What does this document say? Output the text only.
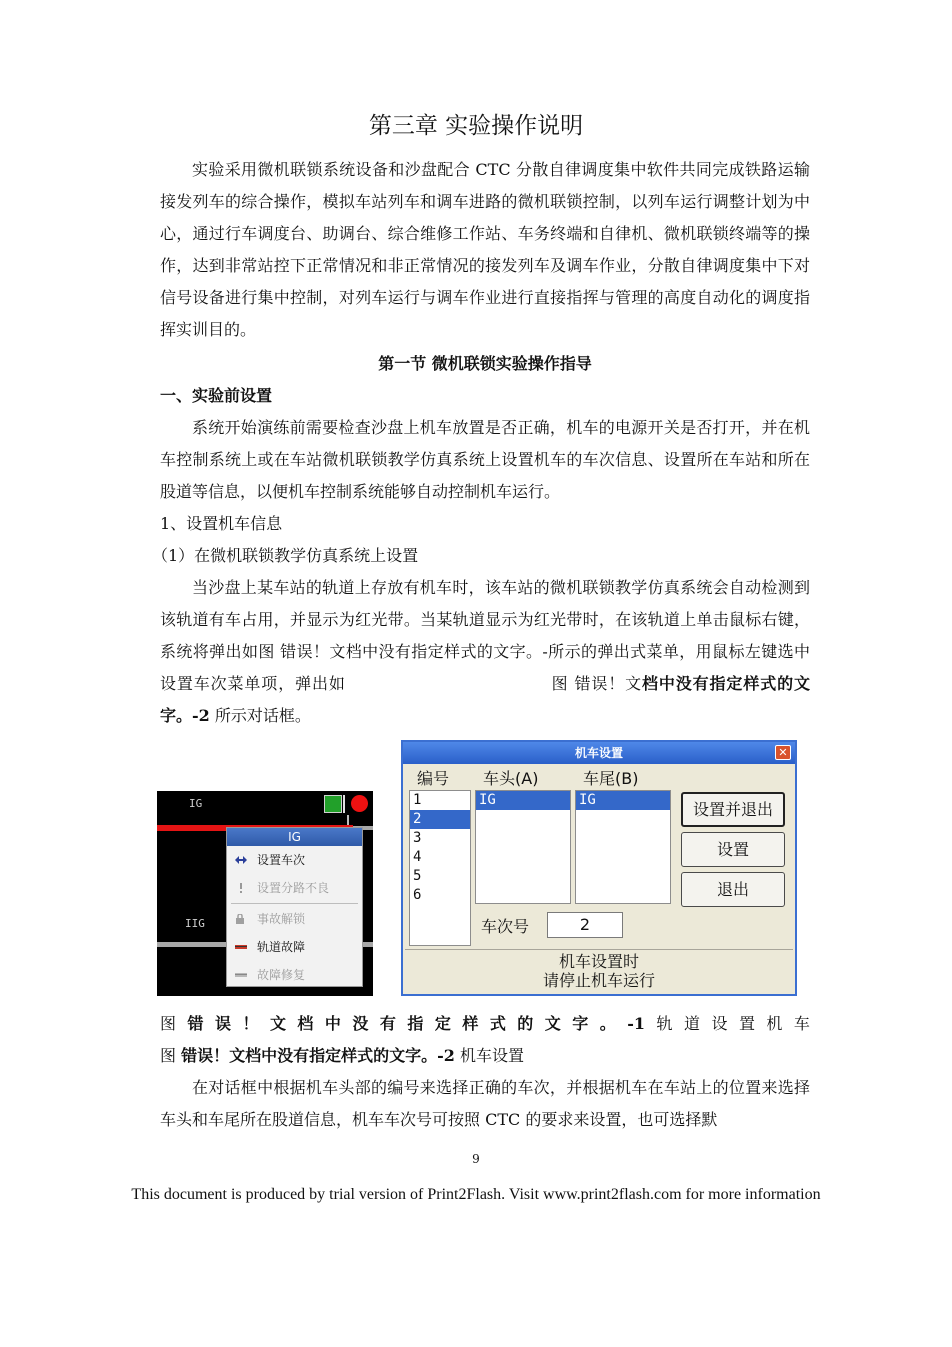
第三章 实验操作说明
实验采用微机联锁系统设备和沙盘配合 CTC 分散自律调度集中软件共同完成铁路运输接发列车的综合操作，模拟车站列车和调车进路的微机联锁控制，以列车运行调整计划为中心，通过行车调度台、助调台、综合维修工作站、车务终端和自律机、微机联锁终端等的操作，达到非常站控下正常情况和非正常情况的接发列车及调车作业，分散自律调度集中下对信号设备进行集中控制，对列车运行与调车作业进行直接指挥与管理的高度自动化的调度指挥实训目的。
第一节 微机联锁实验操作指导
一、实验前设置
系统开始演练前需要检查沙盘上机车放置是否正确，机车的电源开关是否打开，并在机车控制系统上或在车站微机联锁教学仿真系统上设置机车的车次信息、设置所在车站和所在股道等信息，以便机车控制系统能够自动控制机车运行。
1、设置机车信息
（1）在微机联锁教学仿真系统上设置
当沙盘上某车站的轨道上存放有机车时，该车站的微机联锁教学仿真系统会自动检测到该轨道有车占用，并显示为红光带。当某轨道显示为红光带时，在该轨道上单击鼠标右键，系统将弹出如图 错误！文档中没有指定样式的文字。-所示的弹出式菜单，用鼠标左键选中设置车次菜单项，弹出如	图 错误！文档中没有指定样式的文字。-2 所示对话框。
IG
IIG
IG
设置车次
设置分路不良
事故解锁
轨道故障
故障修复
机车设置	✕
编号 车头(A)	车尾(B)
1
2
3
4
5
6
IG	IG	设置并退出
设置
退出
车次号	2
机车设置时
请停止机车运行
图 错 误 ！ 文 档 中 没 有 指 定 样 式 的 文 字 。 -1 轨 道 设 置 机 车
图 错误！文档中没有指定样式的文字。-2 机车设置
在对话框中根据机车头部的编号来选择正确的车次，并根据机车在车站上的位置来选择车头和车尾所在股道信息，机车车次号可按照 CTC 的要求来设置，也可选择默
9
This document is produced by trial version of Print2Flash. Visit www.print2flash.com for more information
